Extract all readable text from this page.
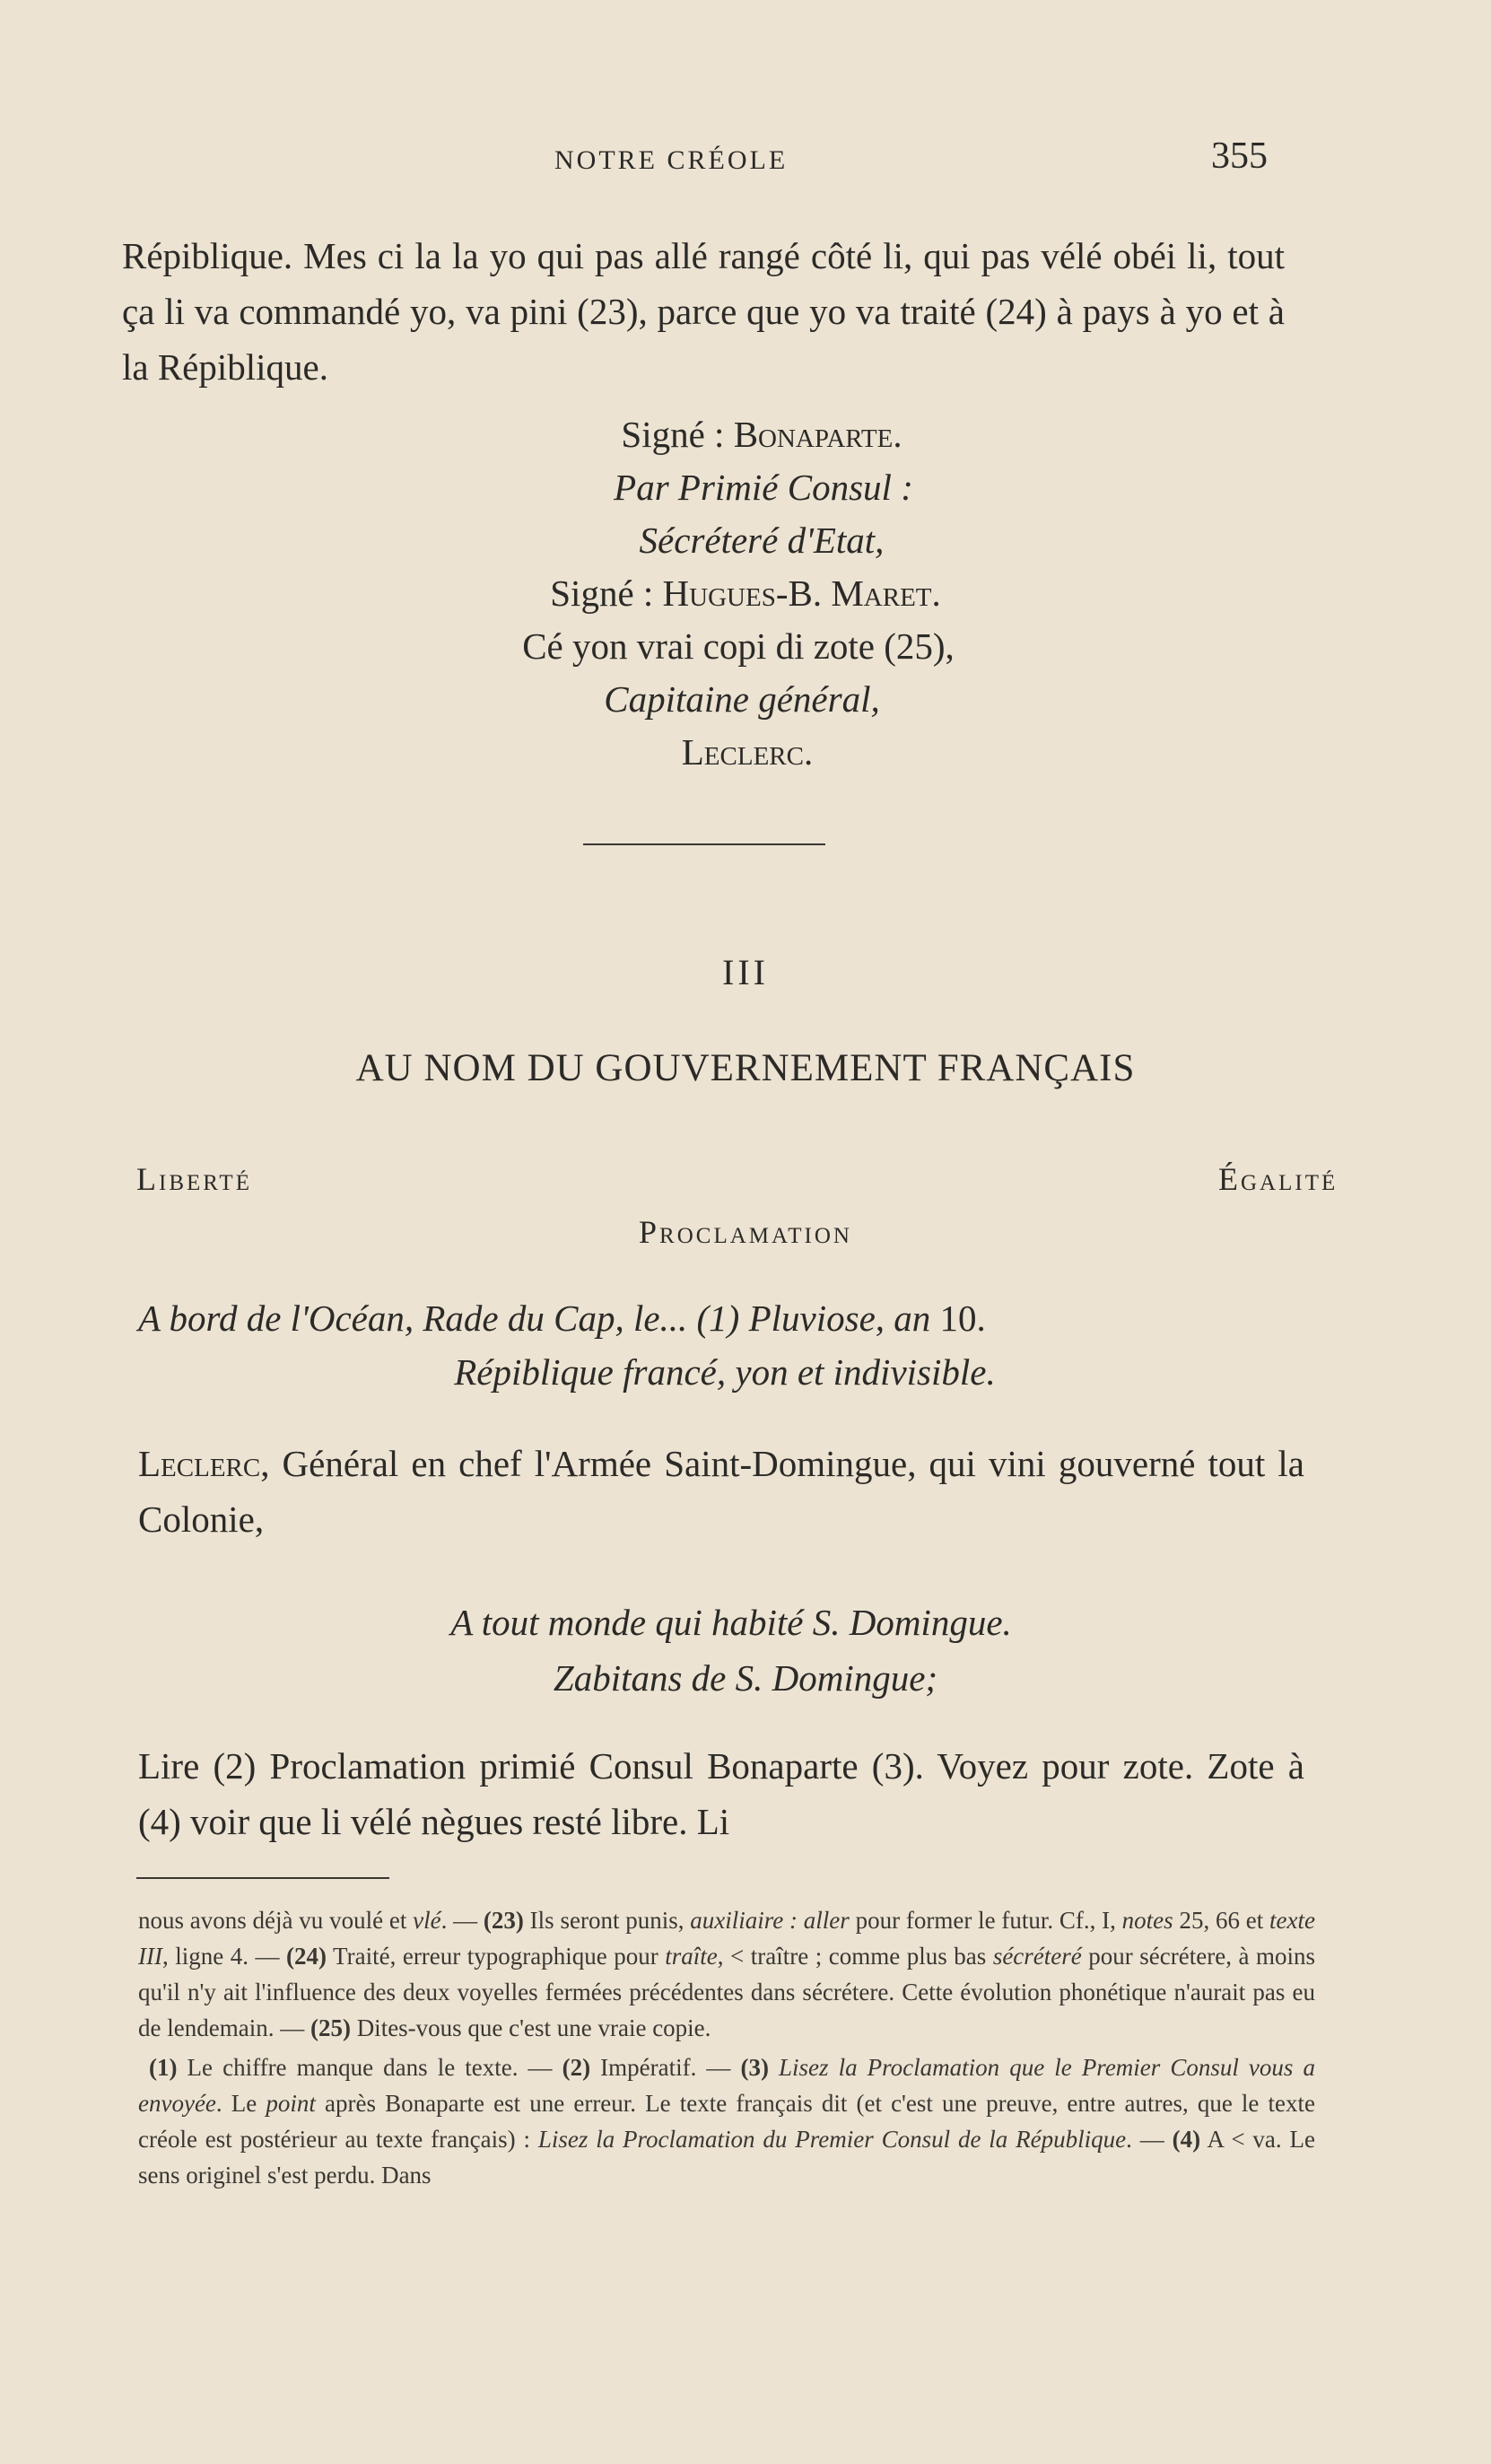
NOTRE CRÉOLE	355
Répiblique. Mes ci la la yo qui pas allé rangé côté li, qui pas vélé obéi li, tout ça li va commandé yo, va pini (23), parce que yo va traité (24) à pays à yo et à la Répiblique.
Signé : Bonaparte.
Par Primié Consul :
Sécréteré d'Etat,
Signé : Hugues-B. Maret.
Cé yon vrai copi di zote (25),
Capitaine général,
Leclerc.
III
AU NOM DU GOUVERNEMENT FRANÇAIS
Liberté	Égalité
Proclamation
A bord de l'Océan, Rade du Cap, le... (1) Pluviose, an 10.
Répiblique francé, yon et indivisible.
Leclerc, Général en chef l'Armée Saint-Domingue, qui vini gouverné tout la Colonie,
A tout monde qui habité S. Domingue.
Zabitans de S. Domingue;
Lire (2) Proclamation primié Consul Bonaparte (3). Voyez pour zote. Zote à (4) voir que li vélé nègues resté libre. Li

nous avons déjà vu voulé et vlé. — (23) Ils seront punis, auxiliaire : aller pour former le futur. Cf., I, notes 25, 66 et texte III, ligne 4. — (24) Traité, erreur typographique pour traîte, < traître ; comme plus bas sécréteré pour sécrétere, à moins qu'il n'y ait l'influence des deux voyelles fermées précédentes dans sécrétere. Cette évolution phonétique n'aurait pas eu de lendemain. — (25) Dites-vous que c'est une vraie copie.

(1) Le chiffre manque dans le texte. — (2) Impératif. — (3) Lisez la Proclamation que le Premier Consul vous a envoyée. Le point après Bonaparte est une erreur. Le texte français dit (et c'est une preuve, entre autres, que le texte créole est postérieur au texte français) : Lisez la Proclamation du Premier Consul de la République. — (4) A < va. Le sens originel s'est perdu. Dans
